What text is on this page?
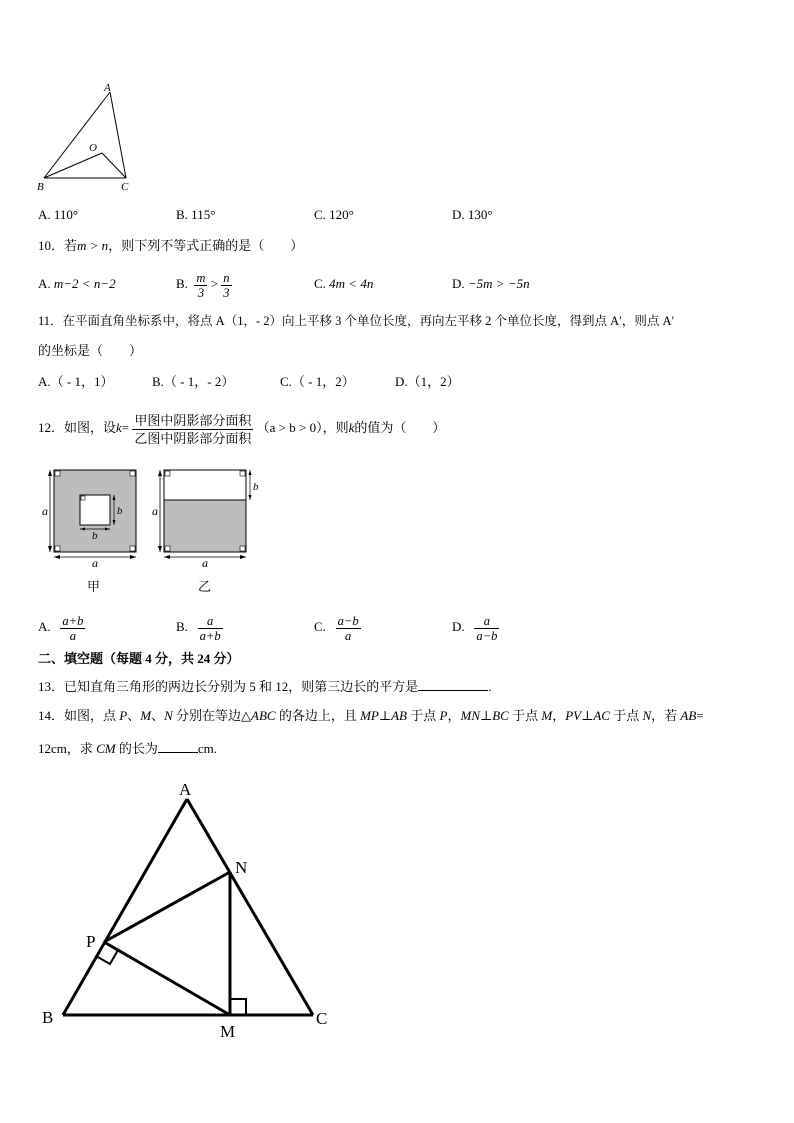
A
O
B	C
A. 110°	B. 115°	C. 120°	D. 130°
10．若m > n，则下列不等式正确的是（　　）
A. m−2 < n−2	B. $\frac{m}{3} > \frac{n}{3}$	C. 4m < 4n	D. −5m > −5n
11．在平面直角坐标系中，将点 A（1，- 2）向上平移 3 个单位长度，再向左平移 2 个单位长度，得到点 A′，则点 A′
的坐标是（　　）
A.（ - 1，1）	B.（ - 1，- 2）	C.（ - 1，2）	D.（1，2）
12．如图，设$k= \frac{\text{甲图中阴影部分面积}}{\text{乙图中阴影部分面积}} (a > b > 0)$，则k的值为（　　）
a
a
b
b
甲
a
a
b
乙
A. $\frac{a+b}{a}$	B. $\frac{a}{a+b}$	C. $\frac{a-b}{a}$	D. $\frac{a}{a-b}$
二、填空题（每题 4 分，共 24 分）
13．已知直角三角形的两边长分别为 5 和 12，则第三边长的平方是	.
14．如图，点 P、M、N 分别在等边△ABC 的各边上，且 MP⊥AB 于点 P，MN⊥BC 于点 M，PV⊥AC 于点 N，若 AB=
12cm，求 CM 的长为	cm.
A
N
P
B	C
M
